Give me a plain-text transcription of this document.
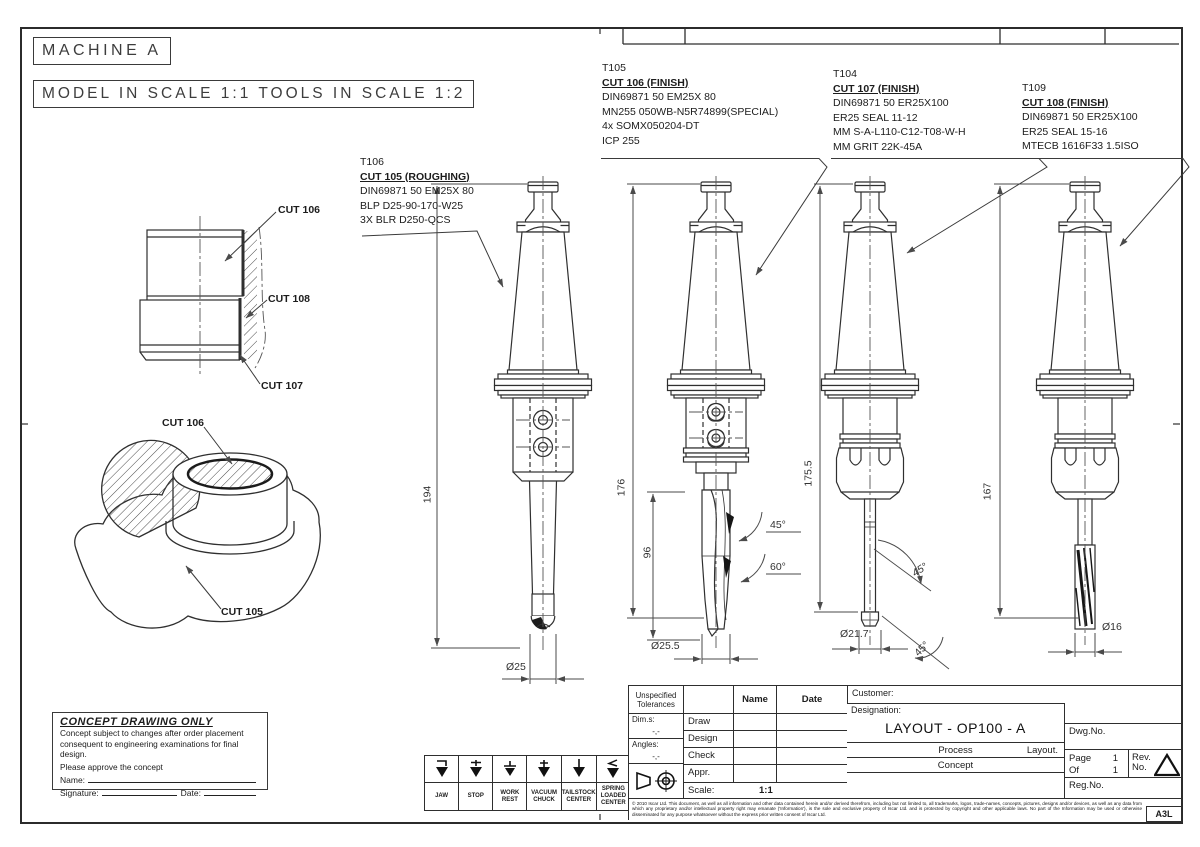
MACHINE A
MODEL IN SCALE 1:1 TOOLS IN SCALE 1:2
T106
CUT 105 (ROUGHING)
DIN69871 50 EM25X 80
BLP D25-90-170-W25
3X BLR D250-QCS
T105
CUT 106 (FINISH)
DIN69871 50 EM25X 80
MN255 050WB-N5R74899(SPECIAL)
4x SOMX050204-DT
ICP 255
T104
CUT 107 (FINISH)
DIN69871 50 ER25X100
ER25 SEAL 11-12
MM S-A-L110-C12-T08-W-H
MM GRIT 22K-45A
T109
CUT 108 (FINISH)
DIN69871 50 ER25X100
ER25 SEAL 15-16
MTECB 1616F33 1.5ISO
CUT 106
CUT 108
CUT 107
CUT 106
CUT 105
194	176
96
175.5
167
Ø25
Ø25.5
Ø21.7
Ø16
45°
60°	45°
45°
JAW	STOP
WORK REST
VACUUM CHUCK
TAILSTOCK CENTER
SPRING LOADED CENTER
CONCEPT DRAWING ONLY
Concept subject to changes after order placement
consequent to engineering examinations for final design.
Please approve the concept
Name:
Signature:	Date:
Unspecified Tolerances
Dim.s:
-,-
Angles:
-,-
Name	Date
Draw
Design
Check
Appr.
Scale:	1:1
Customer:
Designation:
LAYOUT - OP100 - A
Process	Layout.
Concept
Dwg.No.
Page 1
Of	1
Rev.
No.
Reg.No.
© 2010 Iscar Ltd. This document, as well as all information and other data contained herein and/or derived therefrom, including but not limited to, all trademarks, logos, trade-names, concepts, pictures, designs and/or devices, as well as any data from which any proprietary and/or intellectual property right may emanate ('Information'), is the sole and exclusive property of Iscar Ltd. and is protected by copyright and other applicable laws. No part of the Information may be used or otherwise disseminated for any purpose whatsoever without the express prior written consent of Iscar Ltd.	A3L
